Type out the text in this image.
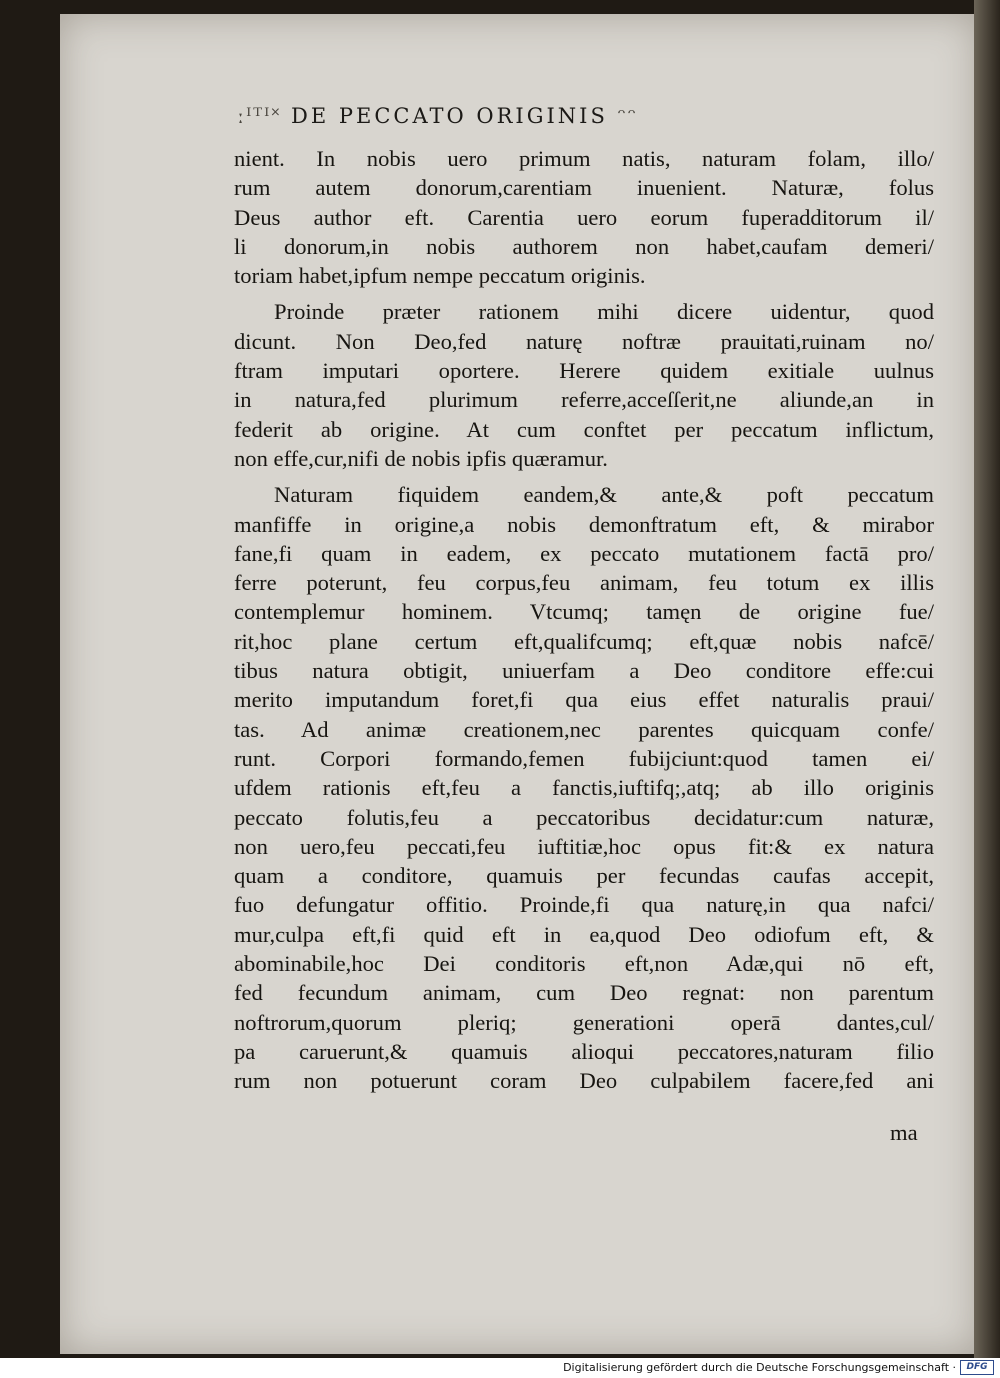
ːᴵᵀᴵ˟ DE PECCATO ORIGINIS ᵔᵔ
nient. In nobis uero primum natis, naturam folam, illo/
rum autem donorum,carentiam inuenient. Naturæ, folus
Deus author eft. Carentia uero eorum fuperadditorum il/
li donorum,in nobis authorem non habet,caufam demeri/
toriam habet,ipfum nempe peccatum originis.
Proinde præter rationem mihi dicere uidentur, quod
dicunt. Non Deo,fed naturę noftræ prauitati,ruinam no/
ftram imputari oportere. Herere quidem exitiale uulnus
in natura,fed plurimum referre,acceſſerit,ne aliunde,an in
federit ab origine. At cum conftet per peccatum inflictum,
non effe,cur,nifi de nobis ipfis quæramur.
Naturam fiquidem eandem,& ante,& poft peccatum
manfiffe in origine,a nobis demonftratum eft, & mirabor
fane,fi quam in eadem, ex peccato mutationem factā pro/
ferre poterunt, feu corpus,feu animam, feu totum ex illis
contemplemur hominem. Vtcumq; tamęn de origine fue/
rit,hoc plane certum eft,qualifcumq; eft,quæ nobis nafcē/
tibus natura obtigit, uniuerfam a Deo conditore effe:cui
merito imputandum foret,fi qua eius effet naturalis praui/
tas. Ad animæ creationem,nec parentes quicquam confe/
runt. Corpori formando,femen fubijciunt:quod tamen ei/
ufdem rationis eft,feu a fanctis,iuftifq;,atq; ab illo originis
peccato folutis,feu a peccatoribus decidatur:cum naturæ,
non uero,feu peccati,feu iuftitiæ,hoc opus fit:& ex natura
quam a conditore, quamuis per fecundas caufas accepit,
fuo defungatur offitio. Proinde,fi qua naturę,in qua nafci/
mur,culpa eft,fi quid eft in ea,quod Deo odiofum eft, &
abominabile,hoc Dei conditoris eft,non Adæ,qui nō eft,
fed fecundum animam, cum Deo regnat: non parentum
noftrorum,quorum pleriq; generationi operā dantes,cul/
pa caruerunt,& quamuis alioqui peccatores,naturam filio
rum non potuerunt coram Deo culpabilem facere,fed ani
ma
Digitalisierung gefördert durch die Deutsche Forschungsgemeinschaft ·	DFG
